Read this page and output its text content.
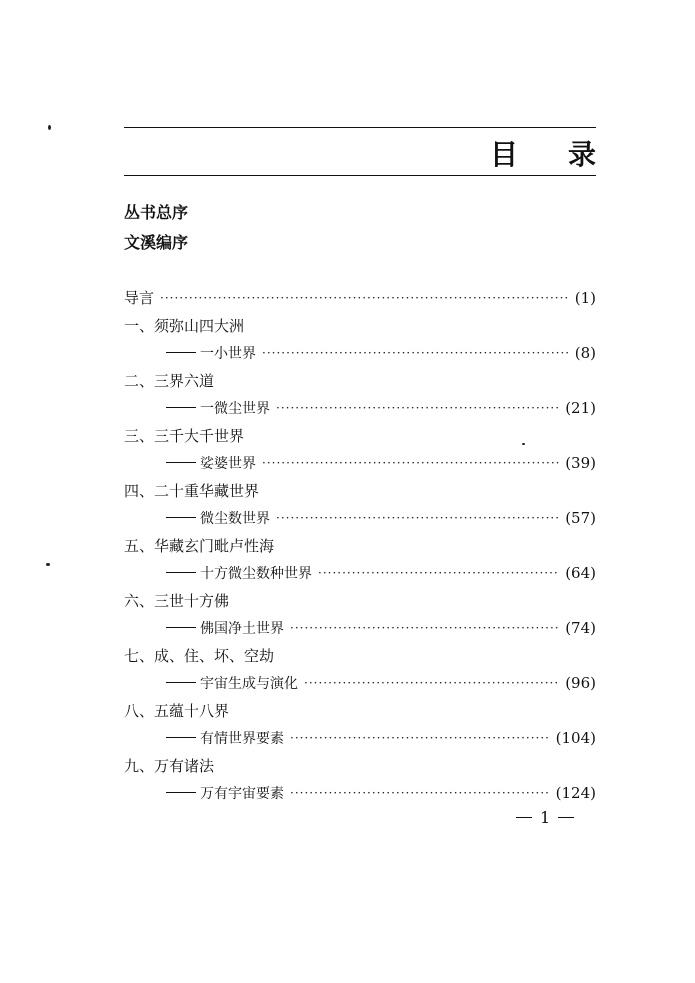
目 录
丛书总序
文溪编序
导言 ·····	(1)
一、须弥山四大洲
一小世界 ·····	(8)
二、三界六道
一微尘世界 ·····	(21)
三、三千大千世界
娑婆世界 ·····	(39)
四、二十重华藏世界
微尘数世界 ·····	(57)
五、华藏玄门毗卢性海
十方微尘数种世界 ·····	(64)
六、三世十方佛
佛国净土世界 ·····	(74)
七、成、住、坏、空劫
宇宙生成与演化 ·····	(96)
八、五蕴十八界
有情世界要素 ·····	(104)
九、万有诸法
万有宇宙要素 ·····	(124)
1
